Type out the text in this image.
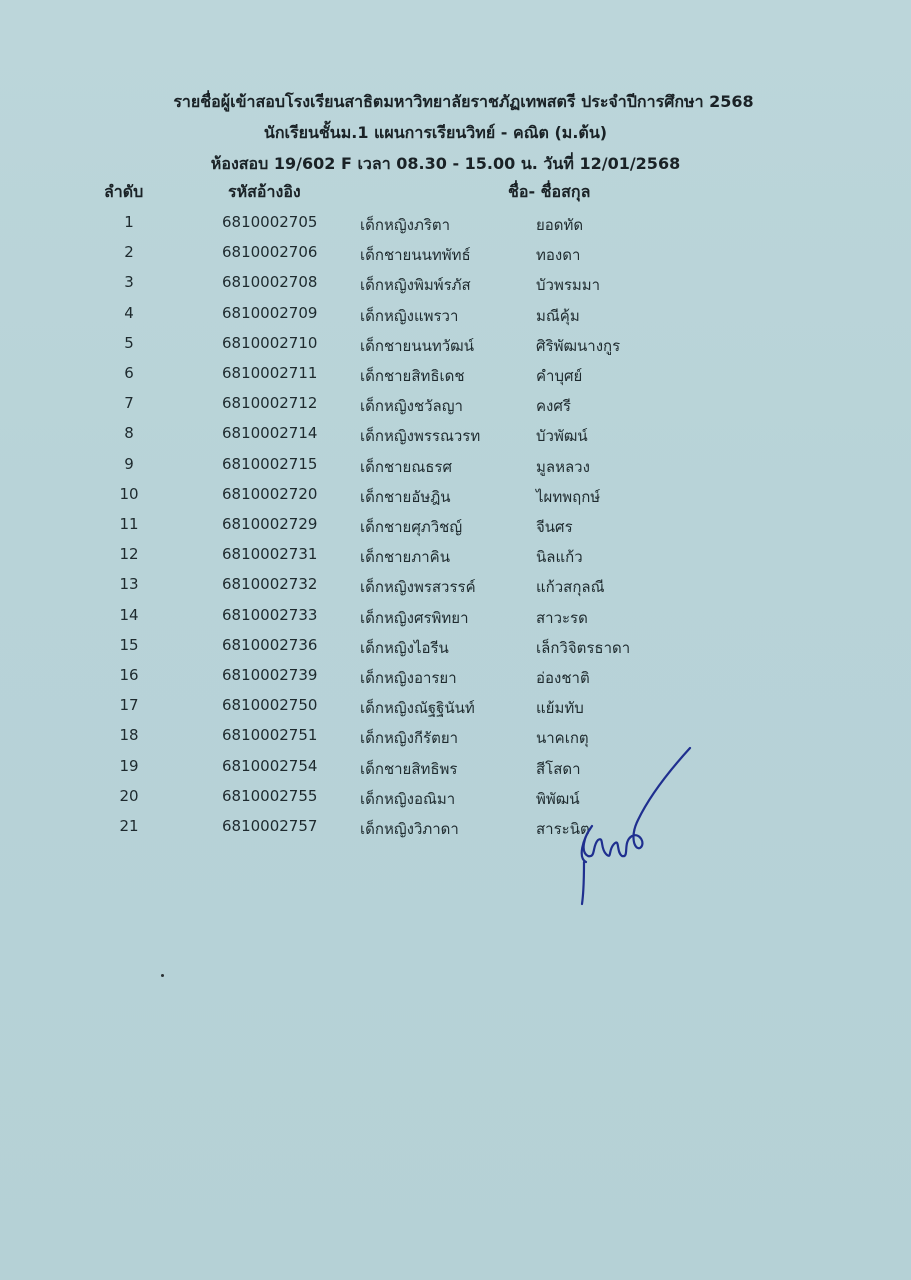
รายชื่อผู้เข้าสอบโรงเรียนสาธิตมหาวิทยาลัยราชภัฏเทพสตรี ประจำปีการศึกษา 2568
นักเรียนชั้นม.1 แผนการเรียนวิทย์ - คณิต (ม.ต้น)
ห้องสอบ 19/602 F เวลา 08.30 - 15.00 น. วันที่ 12/01/2568
ลำดับ	รหัสอ้างอิง	ชื่อ- ชื่อสกุล
1	6810002705	เด็กหญิงภริตา	ยอดทัด
2	6810002706	เด็กชายนนทพัทธ์	ทองดา
3	6810002708	เด็กหญิงพิมพ์รภัส	บัวพรมมา
4	6810002709	เด็กหญิงแพรวา	มณีคุ้ม
5	6810002710	เด็กชายนนทวัฒน์	ศิริพัฒนางกูร
6	6810002711	เด็กชายสิทธิเดช	คำบุศย์
7	6810002712	เด็กหญิงชวัลญา	คงศรี
8	6810002714	เด็กหญิงพรรณวรท	บัวพัฒน์
9	6810002715	เด็กชายณธรศ	มูลหลวง
10	6810002720	เด็กชายอัษฎิน	ไผทพฤกษ์
11	6810002729	เด็กชายศุภวิชญ์	จีนศร
12	6810002731	เด็กชายภาคิน	นิลแก้ว
13	6810002732	เด็กหญิงพรสวรรค์	แก้วสกุลณี
14	6810002733	เด็กหญิงศรพิทยา	สาวะรด
15	6810002736	เด็กหญิงไอรีน	เล็กวิจิตรธาดา
16	6810002739	เด็กหญิงอารยา	อ่องชาติ
17	6810002750	เด็กหญิงณัฐฐินันท์	แย้มทับ
18	6810002751	เด็กหญิงกีรัตยา	นาคเกตุ
19	6810002754	เด็กชายสิทธิพร	สีโสดา
20	6810002755	เด็กหญิงอณิมา	พิพัฒน์
21	6810002757	เด็กหญิงวิภาดา	สาระนิต
